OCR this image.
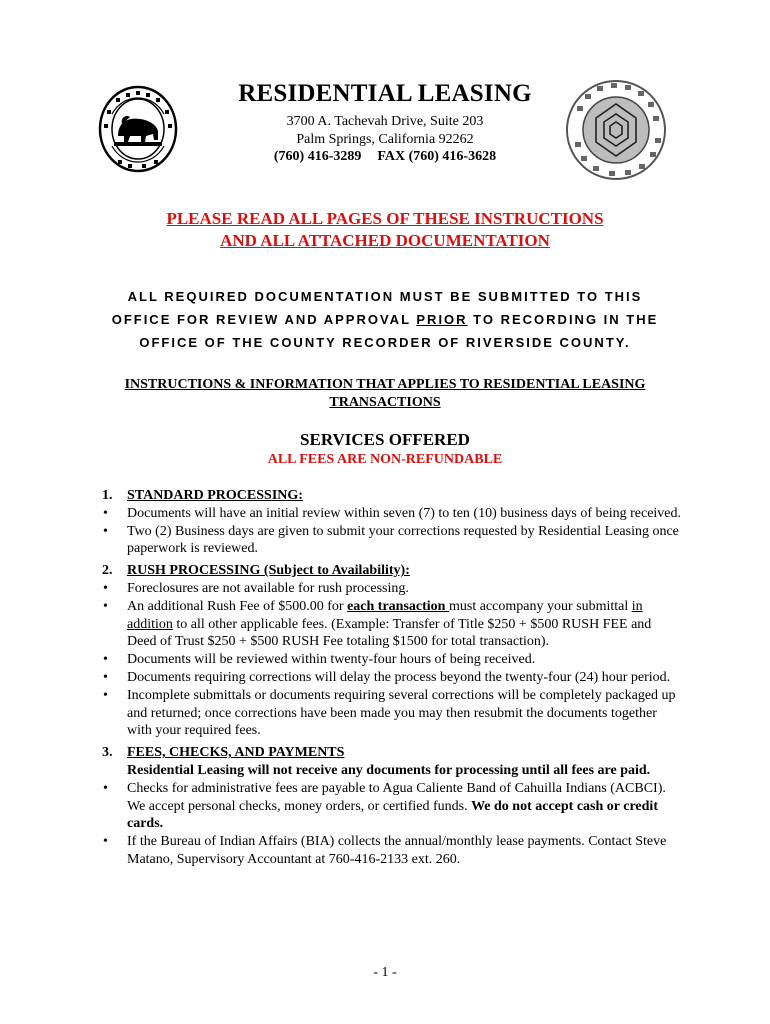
RESIDENTIAL LEASING
3700 A. Tachevah Drive, Suite 203
Palm Springs, California 92262
(760) 416-3289 FAX (760) 416-3628
PLEASE READ ALL PAGES OF THESE INSTRUCTIONS
AND ALL ATTACHED DOCUMENTATION
ALL REQUIRED DOCUMENTATION MUST BE SUBMITTED TO THIS
OFFICE FOR REVIEW AND APPROVAL PRIOR TO RECORDING IN THE
OFFICE OF THE COUNTY RECORDER OF RIVERSIDE COUNTY.
INSTRUCTIONS & INFORMATION THAT APPLIES TO RESIDENTIAL LEASING
TRANSACTIONS
SERVICES OFFERED
ALL FEES ARE NON-REFUNDABLE
1. STANDARD PROCESSING:
• Documents will have an initial review within seven (7) to ten (10) business days of being received.
• Two (2) Business days are given to submit your corrections requested by Residential Leasing once paperwork is reviewed.
2. RUSH PROCESSING (Subject to Availability):
• Foreclosures are not available for rush processing.
• An additional Rush Fee of $500.00 for each transaction must accompany your submittal in addition to all other applicable fees. (Example: Transfer of Title $250 + $500 RUSH FEE and Deed of Trust $250 + $500 RUSH Fee totaling $1500 for total transaction).
• Documents will be reviewed within twenty-four hours of being received.
• Documents requiring corrections will delay the process beyond the twenty-four (24) hour period.
• Incomplete submittals or documents requiring several corrections will be completely packaged up and returned; once corrections have been made you may then resubmit the documents together with your required fees.
3. FEES, CHECKS, AND PAYMENTS
Residential Leasing will not receive any documents for processing until all fees are paid.
• Checks for administrative fees are payable to Agua Caliente Band of Cahuilla Indians (ACBCI). We accept personal checks, money orders, or certified funds. We do not accept cash or credit cards.
• If the Bureau of Indian Affairs (BIA) collects the annual/monthly lease payments. Contact Steve Matano, Supervisory Accountant at 760-416-2133 ext. 260.
- 1 -
